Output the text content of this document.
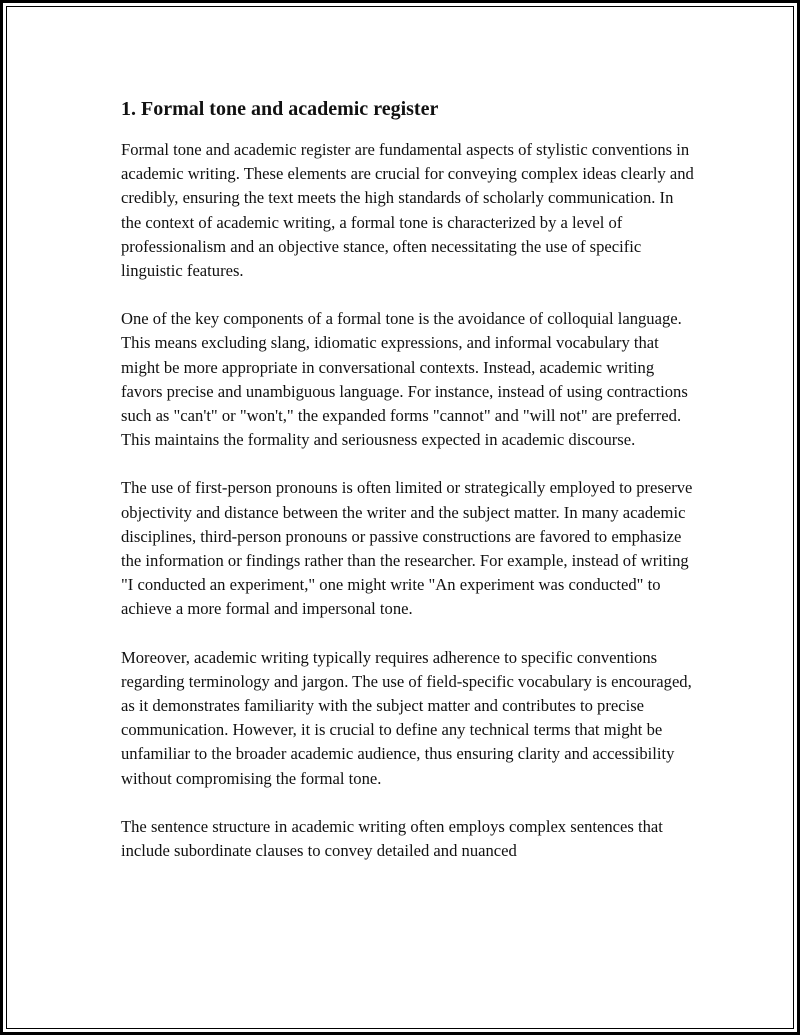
1. Formal tone and academic register

Formal tone and academic register are fundamental aspects of stylistic conventions in academic writing. These elements are crucial for conveying complex ideas clearly and credibly, ensuring the text meets the high standards of scholarly communication. In the context of academic writing, a formal tone is characterized by a level of professionalism and an objective stance, often necessitating the use of specific linguistic features.

One of the key components of a formal tone is the avoidance of colloquial language. This means excluding slang, idiomatic expressions, and informal vocabulary that might be more appropriate in conversational contexts. Instead, academic writing favors precise and unambiguous language. For instance, instead of using contractions such as "can't" or "won't," the expanded forms "cannot" and "will not" are preferred. This maintains the formality and seriousness expected in academic discourse.

The use of first-person pronouns is often limited or strategically employed to preserve objectivity and distance between the writer and the subject matter. In many academic disciplines, third-person pronouns or passive constructions are favored to emphasize the information or findings rather than the researcher. For example, instead of writing "I conducted an experiment," one might write "An experiment was conducted" to achieve a more formal and impersonal tone.

Moreover, academic writing typically requires adherence to specific conventions regarding terminology and jargon. The use of field-specific vocabulary is encouraged, as it demonstrates familiarity with the subject matter and contributes to precise communication. However, it is crucial to define any technical terms that might be unfamiliar to the broader academic audience, thus ensuring clarity and accessibility without compromising the formal tone.

The sentence structure in academic writing often employs complex sentences that include subordinate clauses to convey detailed and nuanced
